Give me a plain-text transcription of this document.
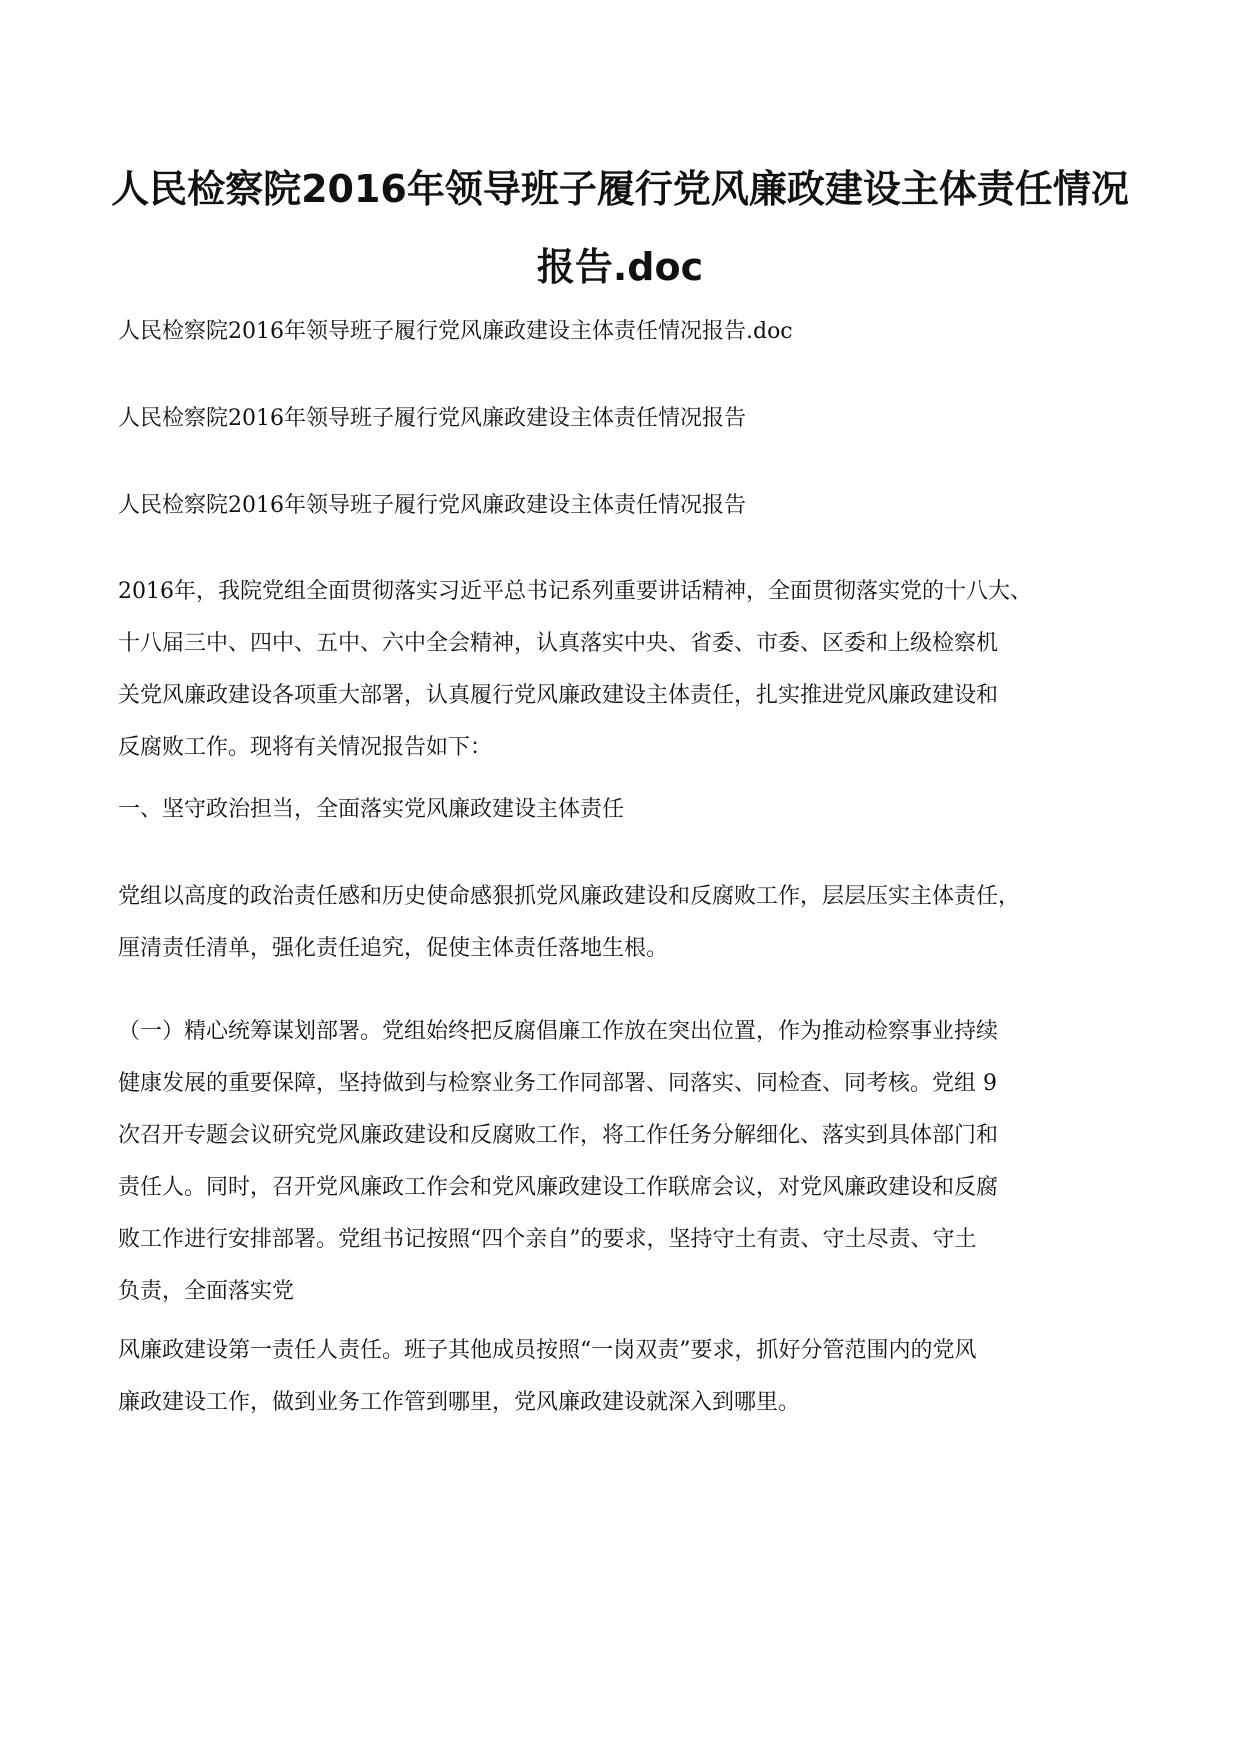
人民检察院2016年领导班子履行党风廉政建设主体责任情况
报告.doc

人民检察院2016年领导班子履行党风廉政建设主体责任情况报告.doc

人民检察院2016年领导班子履行党风廉政建设主体责任情况报告

人民检察院2016年领导班子履行党风廉政建设主体责任情况报告

2016年，我院党组全面贯彻落实习近平总书记系列重要讲话精神，全面贯彻落实党的十八大、
十八届三中、四中、五中、六中全会精神，认真落实中央、省委、市委、区委和上级检察机
关党风廉政建设各项重大部署，认真履行党风廉政建设主体责任，扎实推进党风廉政建设和
反腐败工作。现将有关情况报告如下：

一、坚守政治担当，全面落实党风廉政建设主体责任

党组以高度的政治责任感和历史使命感狠抓党风廉政建设和反腐败工作，层层压实主体责任，
厘清责任清单，强化责任追究，促使主体责任落地生根。

（一）精心统筹谋划部署。党组始终把反腐倡廉工作放在突出位置，作为推动检察事业持续
健康发展的重要保障，坚持做到与检察业务工作同部署、同落实、同检查、同考核。党组 9
次召开专题会议研究党风廉政建设和反腐败工作，将工作任务分解细化、落实到具体部门和
责任人。同时，召开党风廉政工作会和党风廉政建设工作联席会议，对党风廉政建设和反腐
败工作进行安排部署。党组书记按照“四个亲自”的要求，坚持守土有责、守土尽责、守土
负责，全面落实党

风廉政建设第一责任人责任。班子其他成员按照“一岗双责”要求，抓好分管范围内的党风
廉政建设工作，做到业务工作管到哪里，党风廉政建设就深入到哪里。
